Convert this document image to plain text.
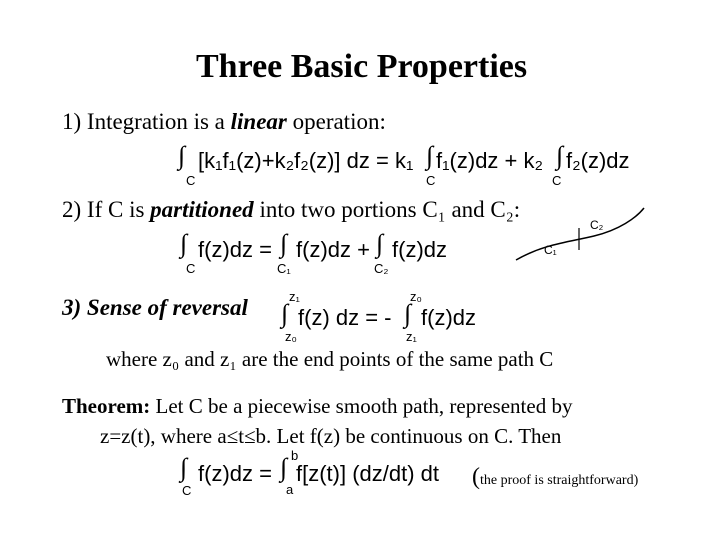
Three Basic Properties
1) Integration is a linear operation:
∫
C
[k₁f₁(z)+k₂f₂(z)] dz = k₁ ∫
C
f₁(z)dz + k₂ ∫
C
f₂(z)dz
2) If C is partitioned into two portions C₁ and C₂:
∫
C
f(z)dz = ∫
C₁
f(z)dz + ∫
C₂
f(z)dz	C₁
C₂
3) Sense of reversal	z₁
∫
z₀
f(z) dz = -
z₀
∫
z₁
f(z)dz
where z₀ and z₁ are the end points of the same path C
Theorem: Let C be a piecewise smooth path, represented by
z=z(t), where a≤t≤b. Let f(z) be continuous on C. Then
∫
C
f(z)dz =
b
∫
a
f[z(t)] (dz/dt) dt (the proof is straightforward)
